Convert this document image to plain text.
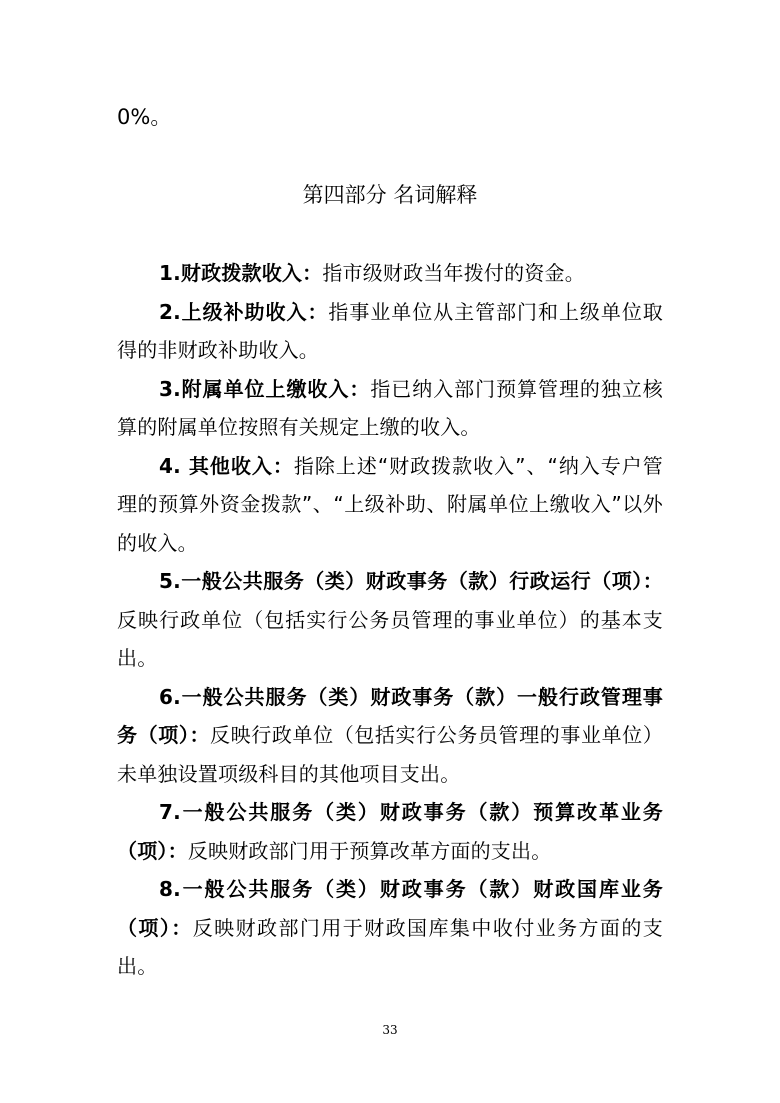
0%。

第四部分 名词解释

1.财政拨款收入：指市级财政当年拨付的资金。

2.上级补助收入：指事业单位从主管部门和上级单位取得的非财政补助收入。

3.附属单位上缴收入：指已纳入部门预算管理的独立核算的附属单位按照有关规定上缴的收入。

4. 其他收入：指除上述“财政拨款收入”、“纳入专户管理的预算外资金拨款”、“上级补助、附属单位上缴收入”以外的收入。

5.一般公共服务（类）财政事务（款）行政运行（项）：反映行政单位（包括实行公务员管理的事业单位）的基本支出。

6.一般公共服务（类）财政事务（款）一般行政管理事务（项）：反映行政单位（包括实行公务员管理的事业单位）未单独设置项级科目的其他项目支出。

7.一般公共服务（类）财政事务（款）预算改革业务（项）：反映财政部门用于预算改革方面的支出。

8.一般公共服务（类）财政事务（款）财政国库业务（项）：反映财政部门用于财政国库集中收付业务方面的支出。

33
